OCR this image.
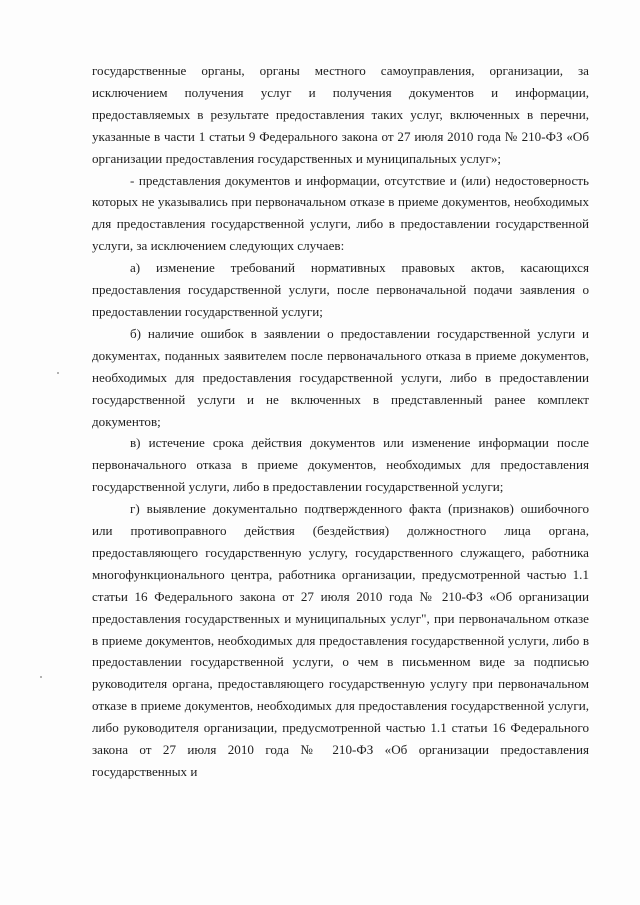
государственные органы, органы местного самоуправления, организации, за исключением получения услуг и получения документов и информации, предоставляемых в результате предоставления таких услуг, включенных в перечни, указанные в части 1 статьи 9 Федерального закона от 27 июля 2010 года № 210-ФЗ «Об организации предоставления государственных и муниципальных услуг»;

- представления документов и информации, отсутствие и (или) недостоверность которых не указывались при первоначальном отказе в приеме документов, необходимых для предоставления государственной услуги, либо в предоставлении государственной услуги, за исключением следующих случаев:

а) изменение требований нормативных правовых актов, касающихся предоставления государственной услуги, после первоначальной подачи заявления о предоставлении государственной услуги;

б) наличие ошибок в заявлении о предоставлении государственной услуги и документах, поданных заявителем после первоначального отказа в приеме документов, необходимых для предоставления государственной услуги, либо в предоставлении государственной услуги и не включенных в представленный ранее комплект документов;

в) истечение срока действия документов или изменение информации после первоначального отказа в приеме документов, необходимых для предоставления государственной услуги, либо в предоставлении государственной услуги;

г) выявление документально подтвержденного факта (признаков) ошибочного или противоправного действия (бездействия) должностного лица органа, предоставляющего государственную услугу, государственного служащего, работника многофункционального центра, работника организации, предусмотренной частью 1.1 статьи 16 Федерального закона от 27 июля 2010 года № 210-ФЗ «Об организации предоставления государственных и муниципальных услуг", при первоначальном отказе в приеме документов, необходимых для предоставления государственной услуги, либо в предоставлении государственной услуги, о чем в письменном виде за подписью руководителя органа, предоставляющего государственную услугу при первоначальном отказе в приеме документов, необходимых для предоставления государственной услуги, либо руководителя организации, предусмотренной частью 1.1 статьи 16 Федерального закона от 27 июля 2010 года № 210-ФЗ «Об организации предоставления государственных и
